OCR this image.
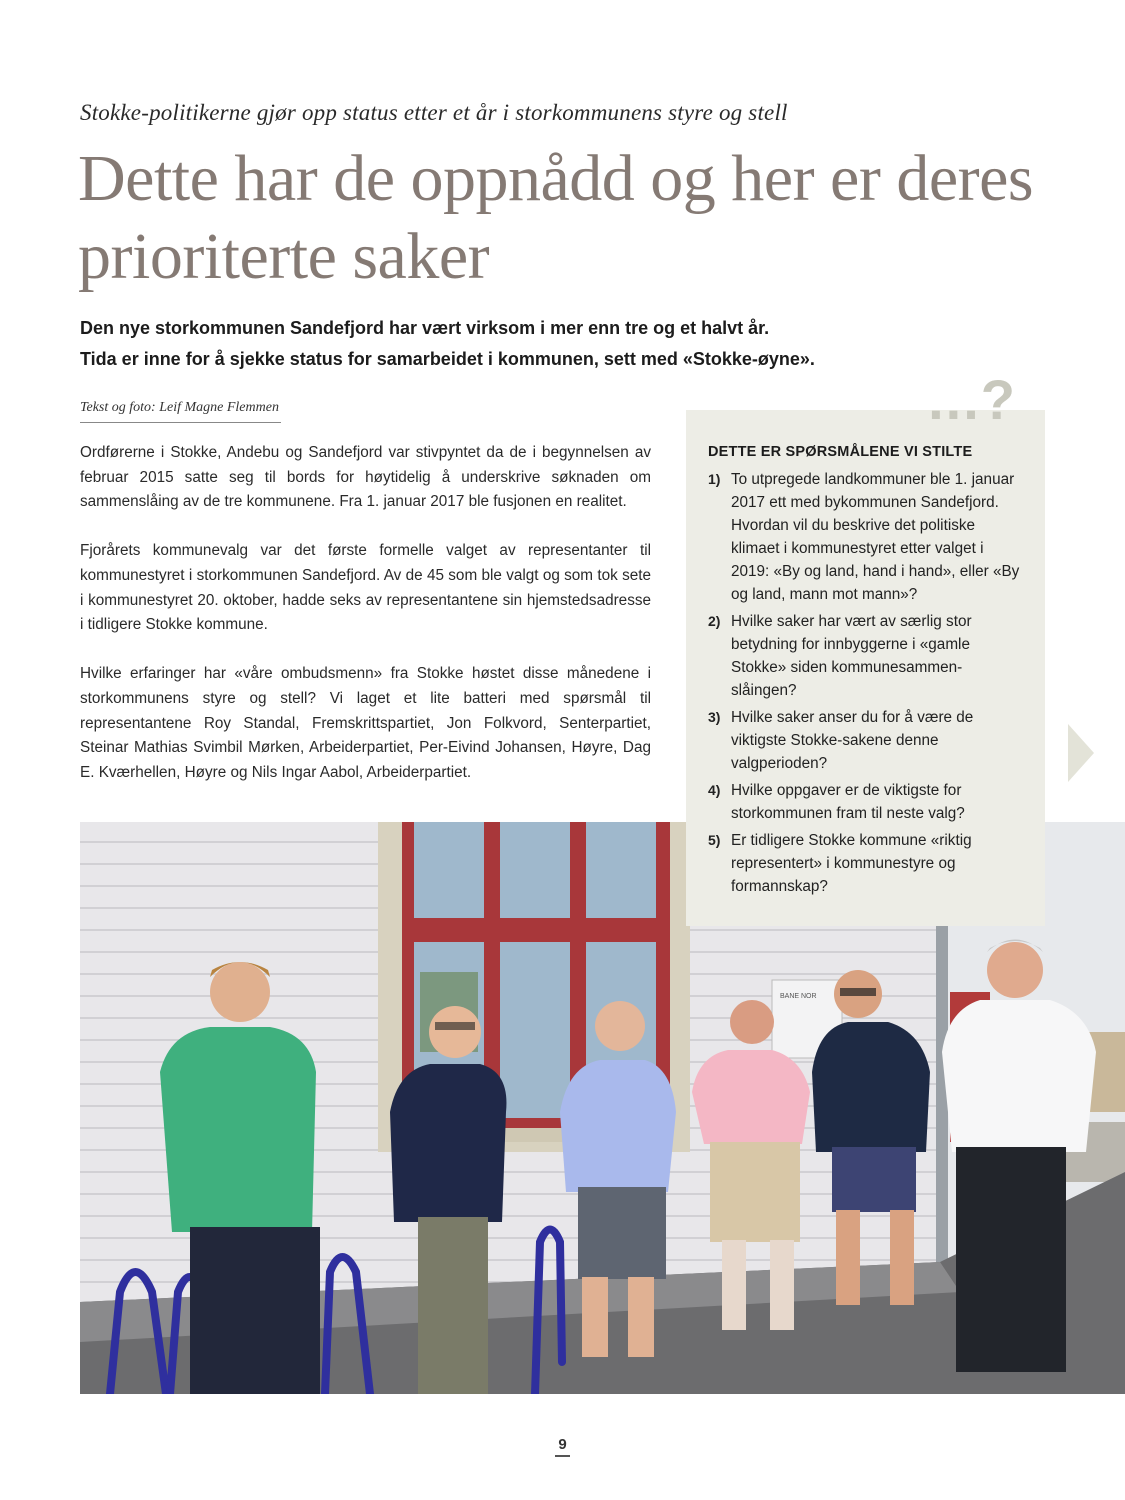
Stokke-politikerne gjør opp status etter et år i storkommunens styre og stell
Dette har de oppnådd og her er deres prioriterte saker

Den nye storkommunen Sandefjord har vært virksom i mer enn tre og et halvt år.

Tida er inne for å sjekke status for samarbeidet i kommunen, sett med «Stokke-øyne».

Tekst og foto: Leif Magne Flemmen

Ordførerne i Stokke, Andebu og Sandefjord var stivpyntet da de i begynnelsen av februar 2015 satte seg til bords for høytidelig å underskrive søknaden om sammenslåing av de tre kommunene. Fra 1. januar 2017 ble fusjonen en realitet.

Fjorårets kommunevalg var det første formelle valget av representanter til kommunestyret i storkommunen Sandefjord. Av de 45 som ble valgt og som tok sete i kommunestyret 20. oktober, hadde seks av representantene sin hjemstedsadresse i tidligere Stokke kommune.

Hvilke erfaringer har «våre ombudsmenn» fra Stokke høstet disse månedene i storkommunens styre og stell? Vi laget et lite batteri med spørsmål til representantene Roy Standal, Fremskrittspartiet, Jon Folkvord, Senterpartiet, Steinar Mathias Svimbil Mørken, Arbeiderpartiet, Per-Eivind Johansen, Høyre, Dag E. Kværhellen, Høyre og Nils Ingar Aabol, Arbeiderpartiet.

BANE NOR
...?
DETTE ER SPØRSMÅLENE VI STILTE
1) To utpregede landkommuner ble 1. januar 2017 ett med bykommunen Sandefjord. Hvordan vil du beskrive det politiske klimaet i kommunestyret etter valget i 2019: «By og land, hand i hand», eller «By og land, mann mot mann»?
2) Hvilke saker har vært av særlig stor betydning for innbyggerne i «gamle Stokke» siden kommunesammen-slåingen?
3) Hvilke saker anser du for å være de viktigste Stokke-sakene denne valgperioden?
4) Hvilke oppgaver er de viktigste for storkommunen fram til neste valg?
5) Er tidligere Stokke kommune «riktig representert» i kommunestyre og formannskap?
9
